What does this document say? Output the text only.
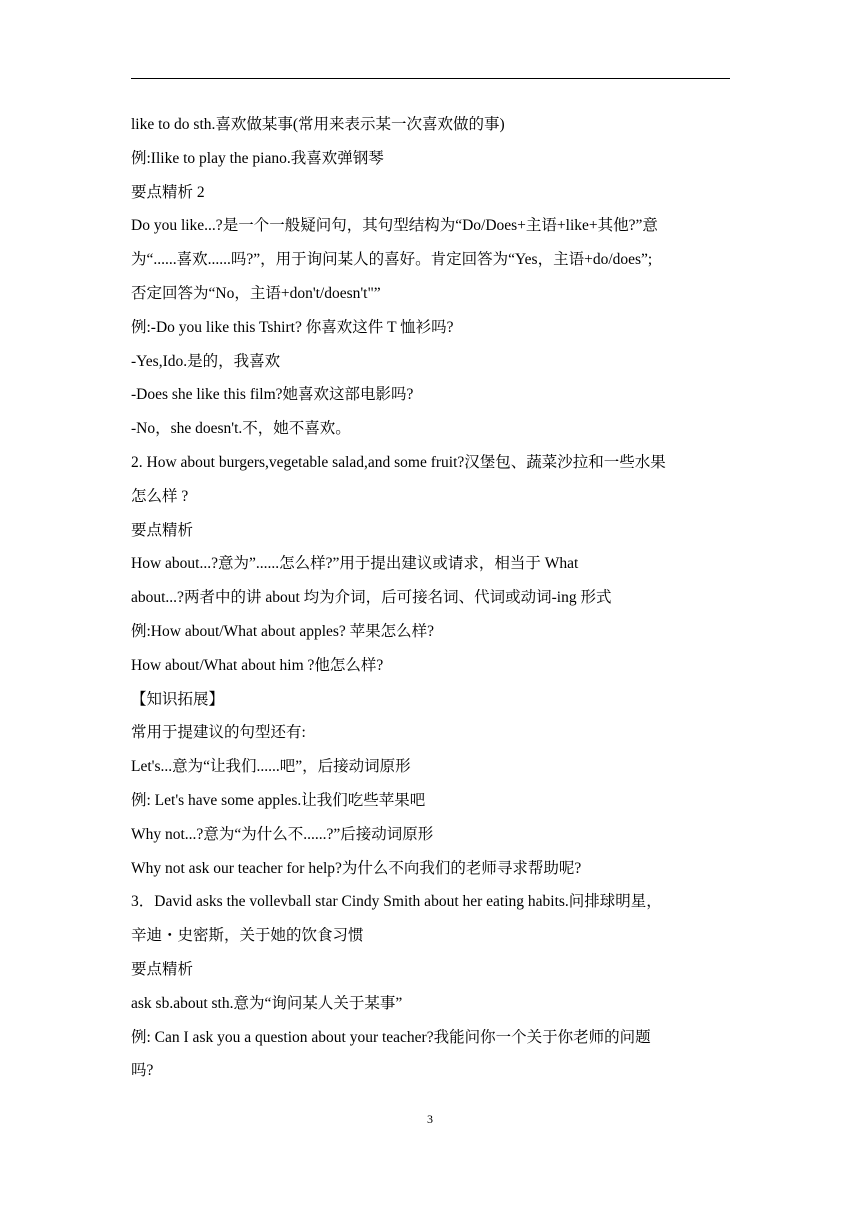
like to do sth.喜欢做某事(常用来表示某一次喜欢做的事)

例:Ilike to play the piano.我喜欢弹钢琴

要点精析 2

Do you like...?是一个一般疑问句，其句型结构为“Do/Does+主语+like+其他?”意

为“......喜欢......吗?”，用于询问某人的喜好。肯定回答为“Yes，主语+do/does”;

否定回答为“No，主语+don't/doesn't"”

例:-Do you like this Tshirt? 你喜欢这件 T 恤衫吗?

-Yes,Ido.是的，我喜欢

-Does she like this film?她喜欢这部电影吗?

-No，she doesn't.不，她不喜欢。

2. How about burgers,vegetable salad,and some fruit?汉堡包、蔬菜沙拉和一些水果

怎么样 ?

要点精析

How about...?意为”......怎么样?”用于提出建议或请求，相当于 What

about...?两者中的讲 about 均为介词，后可接名词、代词或动词-ing 形式

例:How about/What about apples? 苹果怎么样?

How about/What about him ?他怎么样?

【知识拓展】

常用于提建议的句型还有:

Let's...意为“让我们......吧”，后接动词原形

例: Let's have some apples.让我们吃些苹果吧

Why not...?意为“为什么不......?”后接动词原形

Why not ask our teacher for help?为什么不向我们的老师寻求帮助呢?

3．David asks the vollevball star Cindy Smith about her eating habits.问排球明星，

辛迪・史密斯，关于她的饮食习惯

要点精析

ask sb.about sth.意为“询问某人关于某事”

例: Can I ask you a question about your teacher?我能问你一个关于你老师的问题

吗?

3
